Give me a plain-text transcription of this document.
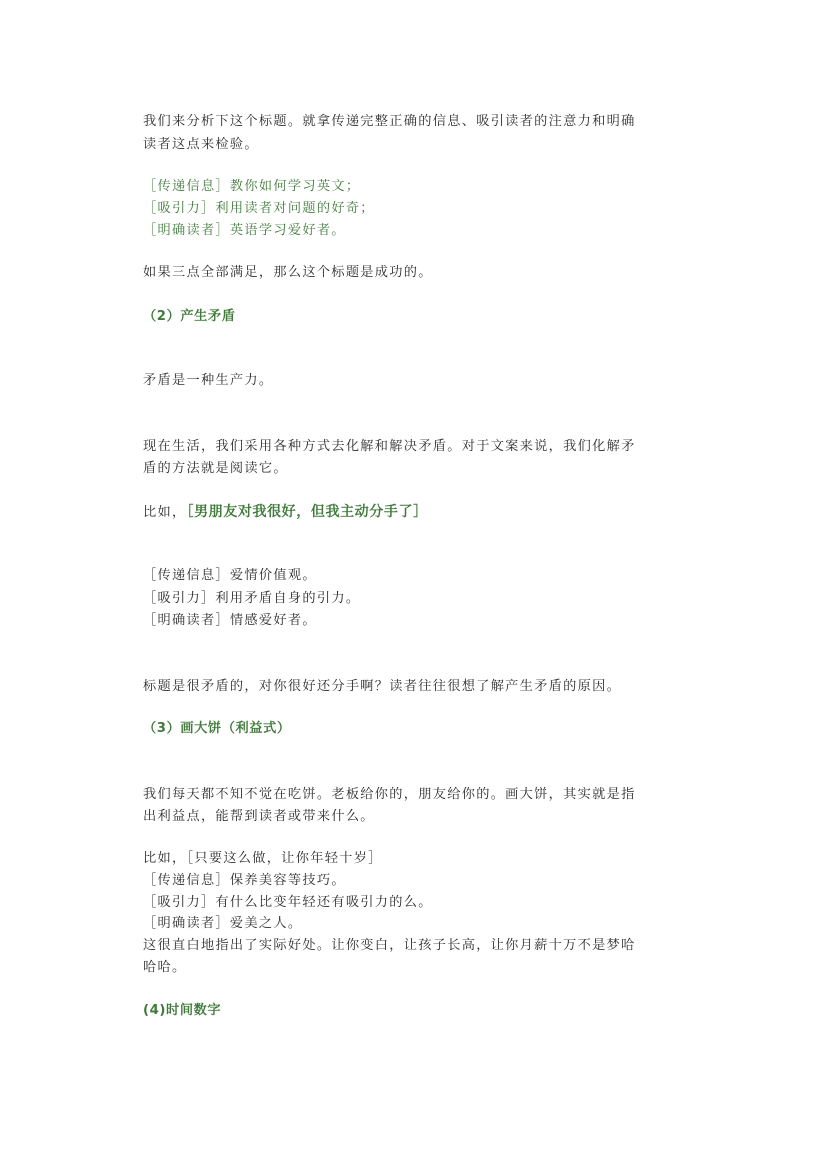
我们来分析下这个标题。就拿传递完整正确的信息、吸引读者的注意力和明确
读者这点来检验。
［传递信息］教你如何学习英文；
［吸引力］利用读者对问题的好奇；
［明确读者］英语学习爱好者。
如果三点全部满足，那么这个标题是成功的。
（2）产生矛盾
矛盾是一种生产力。
现在生活，我们采用各种方式去化解和解决矛盾。对于文案来说，我们化解矛
盾的方法就是阅读它。
比如，［男朋友对我很好，但我主动分手了］
［传递信息］爱情价值观。
［吸引力］利用矛盾自身的引力。
［明确读者］情感爱好者。
标题是很矛盾的，对你很好还分手啊？读者往往很想了解产生矛盾的原因。
（3）画大饼（利益式）
我们每天都不知不觉在吃饼。老板给你的，朋友给你的。画大饼，其实就是指
出利益点，能帮到读者或带来什么。
比如，［只要这么做，让你年轻十岁］
［传递信息］保养美容等技巧。
［吸引力］有什么比变年轻还有吸引力的么。
［明确读者］爱美之人。
这很直白地指出了实际好处。让你变白，让孩子长高，让你月薪十万不是梦哈
哈哈。
(4)时间数字
